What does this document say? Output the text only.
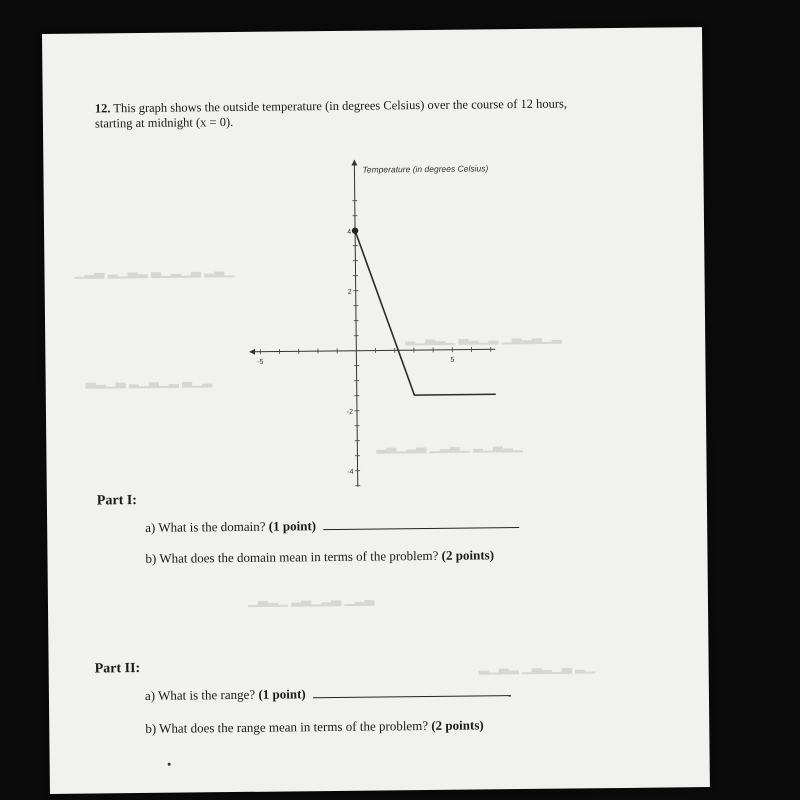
▁▂▃ ▂▁▃▂ ▃▁▂▁▃ ▂▃▁
▂▁▃▂▁ ▃▂▁▂ ▁▃▂▃▁▂
▃▂▁▃ ▂▁▃▁▂ ▃▁▂
▂▃▁▂▃ ▁▂▃▁ ▂▁▃▂▁
▁▃▂▁ ▂▃▁▂▃ ▁▂▃
▂▁▃▂ ▁▃▂▁▃ ▂▁
12. This graph shows the outside temperature (in degrees Celsius) over the course of 12 hours,
starting at midnight (x = 0).
Temperature (in degrees Celsius)
-5	5
4
2
-2
-4
Part I:
a) What is the domain? (1 point)
b) What does the domain mean in terms of the problem? (2 points)
Part II:
a) What is the range? (1 point)
b) What does the range mean in terms of the problem? (2 points)
